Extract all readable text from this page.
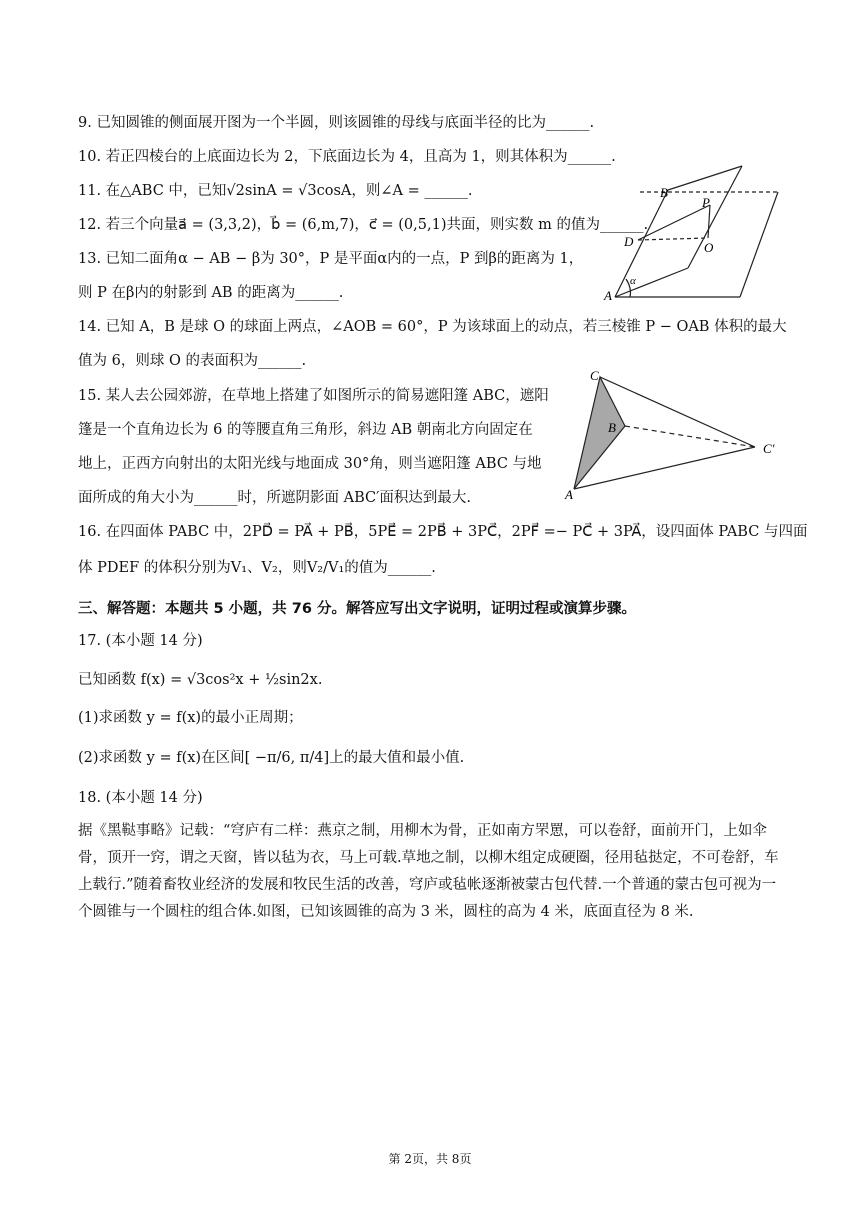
9. 已知圆锥的侧面展开图为一个半圆，则该圆锥的母线与底面半径的比为______.
10. 若正四棱台的上底面边长为 2，下底面边长为 4，且高为 1，则其体积为______.
11. 在△ABC 中，已知√2sinA = √3cosA，则∠A = ______.
12. 若三个向量a⃗ = (3,3,2)，b⃗ = (6,m,7)，c⃗ = (0,5,1)共面，则实数 m 的值为______.
13. 已知二面角α − AB − β为 30°，P 是平面α内的一点，P 到β的距离为 1，
则 P 在β内的射影到 AB 的距离为______.
14. 已知 A，B 是球 O 的球面上两点，∠AOB = 60°，P 为该球面上的动点，若三棱锥 P − OAB 体积的最大
值为 6，则球 O 的表面积为______.
15. 某人去公园郊游，在草地上搭建了如图所示的简易遮阳篷 ABC，遮阳
篷是一个直角边长为 6 的等腰直角三角形，斜边 AB 朝南北方向固定在
地上，正西方向射出的太阳光线与地面成 30°角，则当遮阳篷 ABC 与地
面所成的角大小为______时，所遮阴影面 ABC′面积达到最大.
16. 在四面体 PABC 中，2PD⃗ = PA⃗ + PB⃗，5PE⃗ = 2PB⃗ + 3PC⃗，2PF⃗ =− PC⃗ + 3PA⃗，设四面体 PABC 与四面
体 PDEF 的体积分别为V₁、V₂，则V₂/V₁的值为______.
三、解答题：本题共 5 小题，共 76 分。解答应写出文字说明，证明过程或演算步骤。
17. (本小题 14 分)
已知函数 f(x) = √3cos²x + ½sin2x.
(1)求函数 y = f(x)的最小正周期；
(2)求函数 y = f(x)在区间[ −π/6, π/4]上的最大值和最小值.
18. (本小题 14 分)
据《黑鞑事略》记载：“穹庐有二样：燕京之制，用柳木为骨，正如南方罘罳，可以卷舒，面前开门，上如伞骨，顶开一窍，谓之天窗，皆以毡为衣，马上可载.草地之制，以柳木组定成硬圈，径用毡挞定，不可卷舒，车上载行.”随着畜牧业经济的发展和牧民生活的改善，穹庐或毡帐逐渐被蒙古包代替.一个普通的蒙古包可视为一个圆锥与一个圆柱的组合体.如图，已知该圆锥的高为 3 米，圆柱的高为 4 米，底面直径为 8 米.
B
P
D	O
A
α
C
B
A
C′
第 2页，共 8页
